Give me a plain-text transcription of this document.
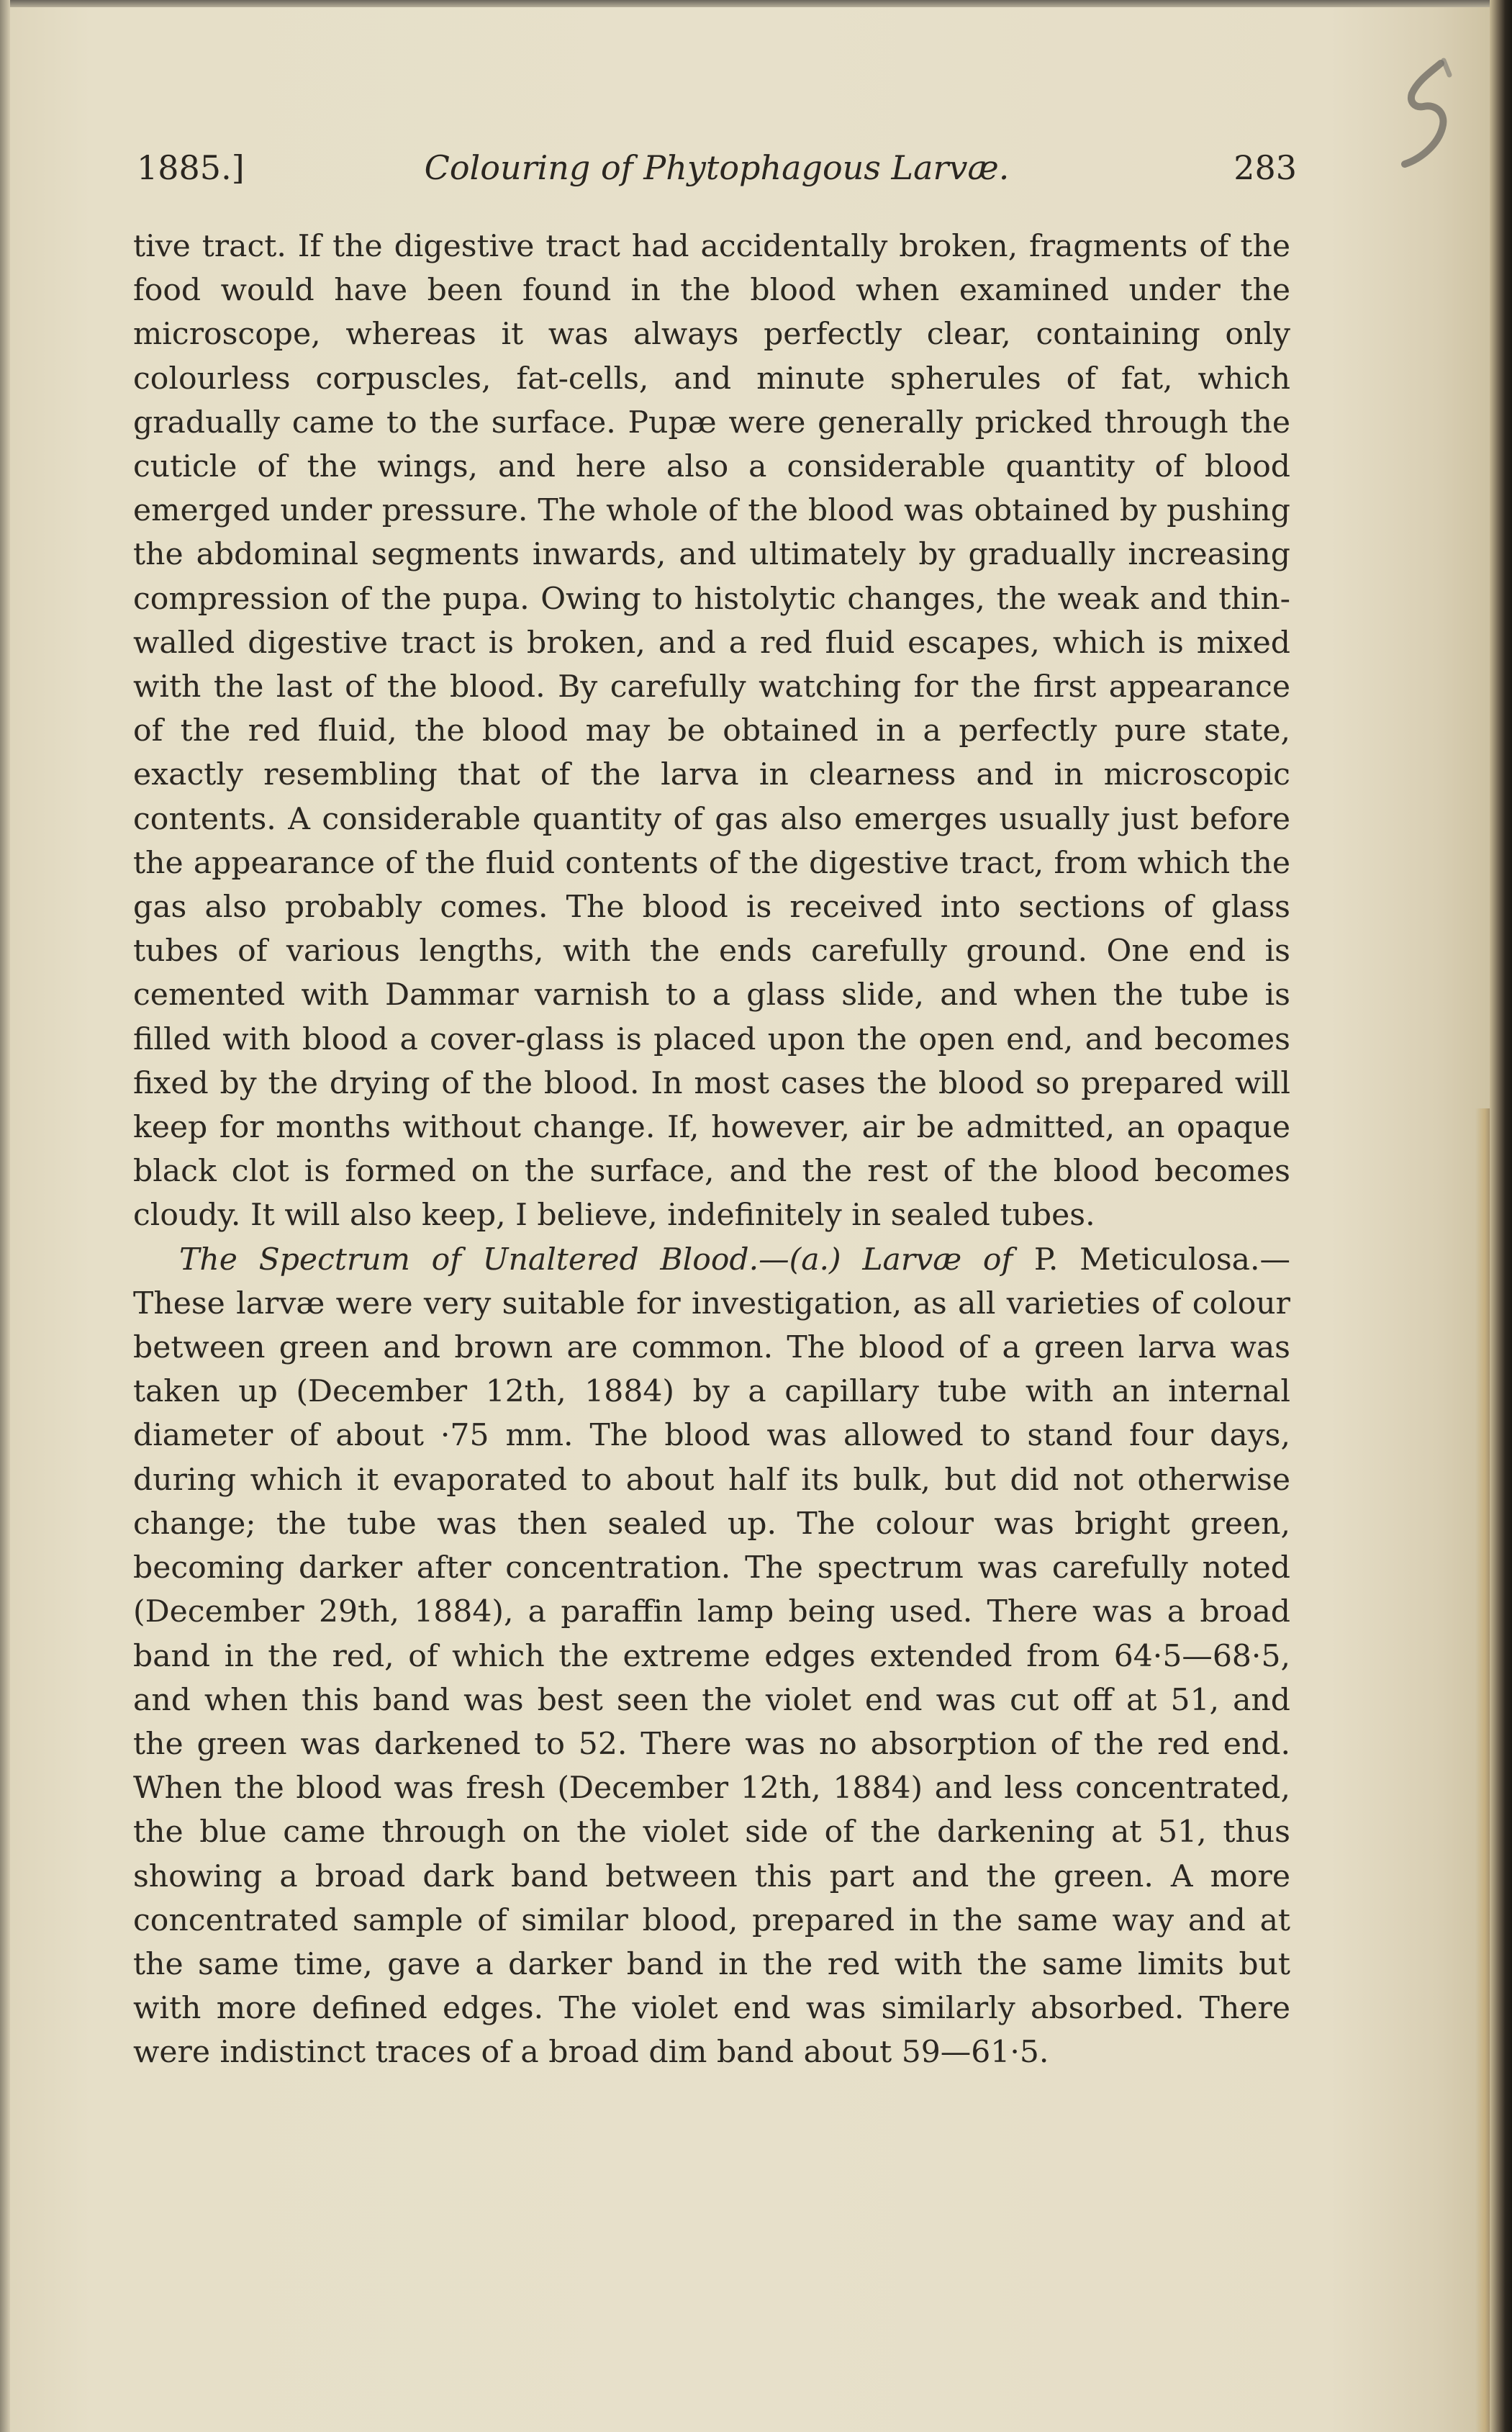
1885.]	Colouring of Phytophagous Larvæ.	283

tive tract. If the digestive tract had accidentally broken, fragments of the food would have been found in the blood when examined under the microscope, whereas it was always perfectly clear, containing only colourless corpuscles, fat-cells, and minute spherules of fat, which gradually came to the surface. Pupæ were generally pricked through the cuticle of the wings, and here also a considerable quantity of blood emerged under pressure. The whole of the blood was obtained by pushing the abdominal segments inwards, and ultimately by gradually increasing compression of the pupa. Owing to histolytic changes, the weak and thin-walled digestive tract is broken, and a red fluid escapes, which is mixed with the last of the blood. By carefully watching for the first appearance of the red fluid, the blood may be obtained in a perfectly pure state, exactly resembling that of the larva in clearness and in microscopic contents. A considerable quantity of gas also emerges usually just before the appearance of the fluid contents of the digestive tract, from which the gas also probably comes. The blood is received into sections of glass tubes of various lengths, with the ends carefully ground. One end is cemented with Dammar varnish to a glass slide, and when the tube is filled with blood a cover-glass is placed upon the open end, and becomes fixed by the drying of the blood. In most cases the blood so prepared will keep for months without change. If, however, air be admitted, an opaque black clot is formed on the surface, and the rest of the blood becomes cloudy. It will also keep, I believe, indefinitely in sealed tubes.

The Spectrum of Unaltered Blood.—(a.) Larvæ of P. Meticulosa.— These larvæ were very suitable for investigation, as all varieties of colour between green and brown are common. The blood of a green larva was taken up (December 12th, 1884) by a capillary tube with an internal diameter of about ·75 mm. The blood was allowed to stand four days, during which it evaporated to about half its bulk, but did not otherwise change; the tube was then sealed up. The colour was bright green, becoming darker after concentration. The spectrum was carefully noted (December 29th, 1884), a paraffin lamp being used. There was a broad band in the red, of which the extreme edges extended from 64·5—68·5, and when this band was best seen the violet end was cut off at 51, and the green was darkened to 52. There was no absorption of the red end. When the blood was fresh (December 12th, 1884) and less concentrated, the blue came through on the violet side of the darkening at 51, thus showing a broad dark band between this part and the green. A more concentrated sample of similar blood, prepared in the same way and at the same time, gave a darker band in the red with the same limits but with more defined edges. The violet end was similarly absorbed. There were indistinct traces of a broad dim band about 59—61·5.
